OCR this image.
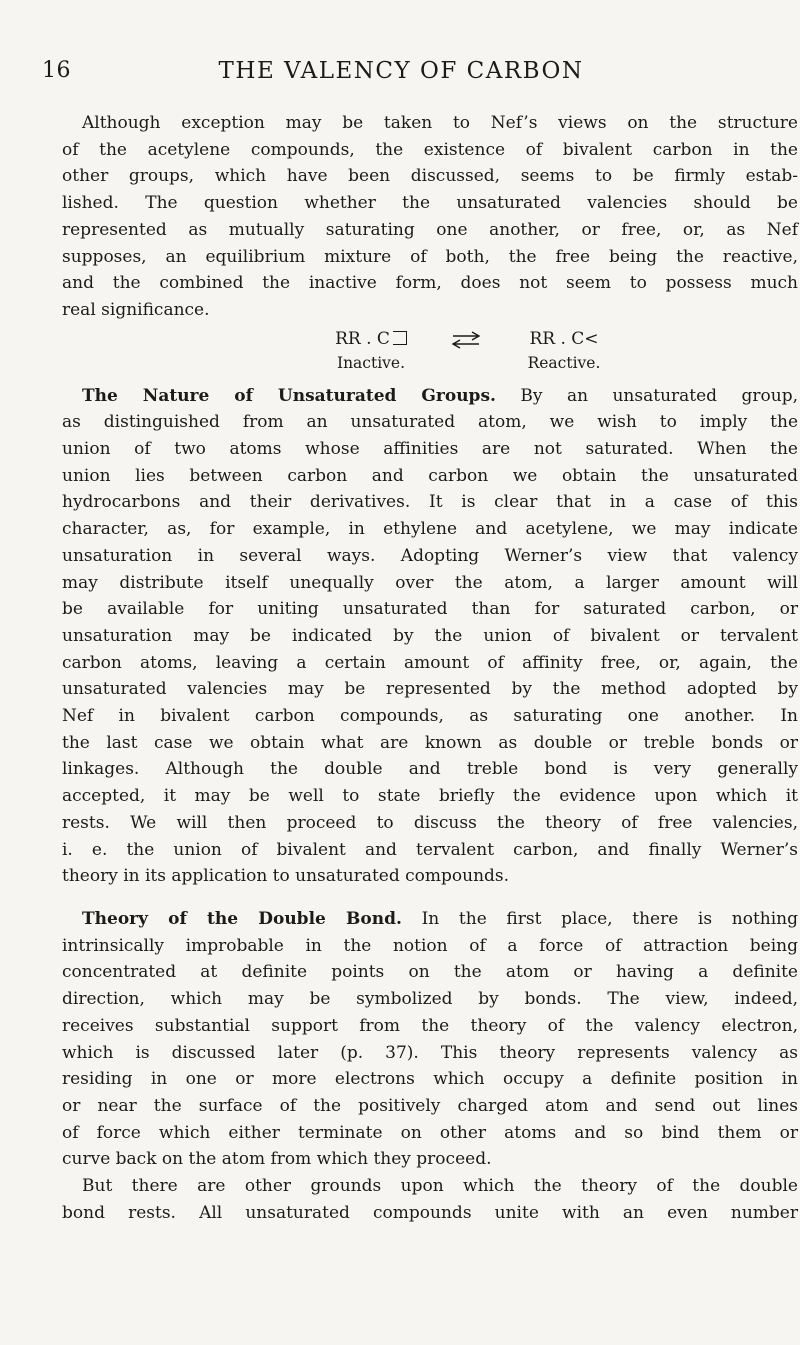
16	THE VALENCY OF CARBON
Although exception may be taken to Nef’s views on the structure
of the acetylene compounds, the existence of bivalent carbon in the
other groups, which have been discussed, seems to be firmly estab-
lished. The question whether the unsaturated valencies should be
represented as mutually saturating one another, or free, or, as Nef
supposes, an equilibrium mixture of both, the free being the reactive,
and the combined the inactive form, does not seem to possess much
real significance.
RR . C
Inactive.
RR . C<
Reactive.
The Nature of Unsaturated Groups. By an unsaturated group,
as distinguished from an unsaturated atom, we wish to imply the
union of two atoms whose affinities are not saturated. When the
union lies between carbon and carbon we obtain the unsaturated
hydrocarbons and their derivatives. It is clear that in a case of this
character, as, for example, in ethylene and acetylene, we may indicate
unsaturation in several ways. Adopting Werner’s view that valency
may distribute itself unequally over the atom, a larger amount will
be available for uniting unsaturated than for saturated carbon, or
unsaturation may be indicated by the union of bivalent or tervalent
carbon atoms, leaving a certain amount of affinity free, or, again, the
unsaturated valencies may be represented by the method adopted by
Nef in bivalent carbon compounds, as saturating one another. In
the last case we obtain what are known as double or treble bonds or
linkages. Although the double and treble bond is very generally
accepted, it may be well to state briefly the evidence upon which it
rests. We will then proceed to discuss the theory of free valencies,
i. e. the union of bivalent and tervalent carbon, and finally Werner’s
theory in its application to unsaturated compounds.
Theory of the Double Bond. In the first place, there is nothing
intrinsically improbable in the notion of a force of attraction being
concentrated at definite points on the atom or having a definite
direction, which may be symbolized by bonds. The view, indeed,
receives substantial support from the theory of the valency electron,
which is discussed later (p. 37). This theory represents valency as
residing in one or more electrons which occupy a definite position in
or near the surface of the positively charged atom and send out lines
of force which either terminate on other atoms and so bind them or
curve back on the atom from which they proceed.
But there are other grounds upon which the theory of the double
bond rests. All unsaturated compounds unite with an even number
